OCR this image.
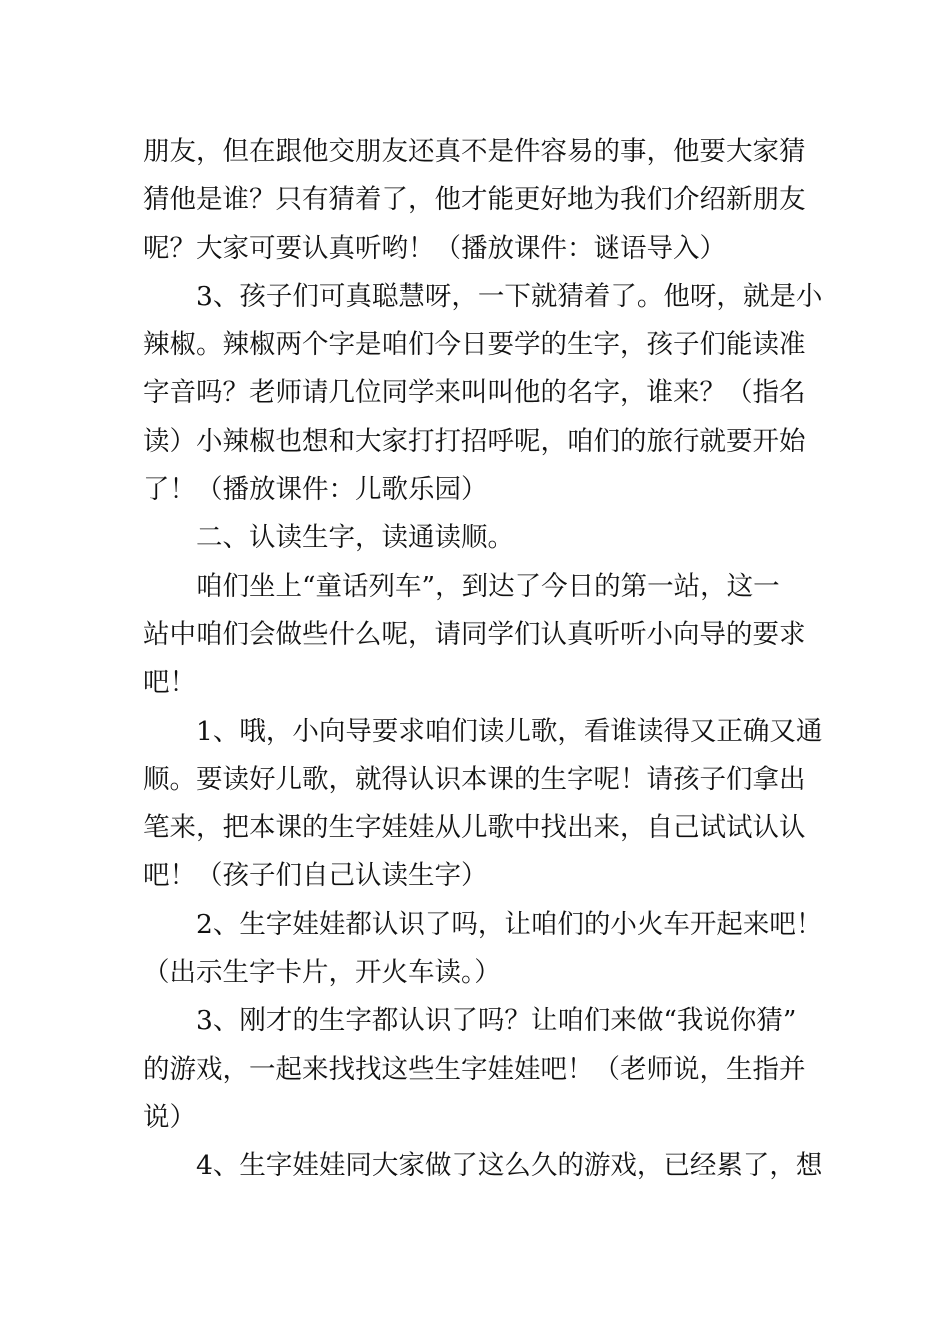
朋友，但在跟他交朋友还真不是件容易的事，他要大家猜
猜他是谁？只有猜着了，他才能更好地为我们介绍新朋友
呢？大家可要认真听哟！（播放课件：谜语导入）
3、孩子们可真聪慧呀，一下就猜着了。他呀，就是小
辣椒。辣椒两个字是咱们今日要学的生字，孩子们能读准
字音吗？老师请几位同学来叫叫他的名字，谁来？（指名
读）小辣椒也想和大家打打招呼呢，咱们的旅行就要开始
了！（播放课件：儿歌乐园）
二、认读生字，读通读顺。
咱们坐上“童话列车”，到达了今日的第一站，这一
站中咱们会做些什么呢，请同学们认真听听小向导的要求
吧！
1、哦，小向导要求咱们读儿歌，看谁读得又正确又通
顺。要读好儿歌，就得认识本课的生字呢！请孩子们拿出
笔来，把本课的生字娃娃从儿歌中找出来，自己试试认认
吧！（孩子们自己认读生字）
2、生字娃娃都认识了吗，让咱们的小火车开起来吧！
（出示生字卡片，开火车读。）
3、刚才的生字都认识了吗？让咱们来做“我说你猜”
的游戏，一起来找找这些生字娃娃吧！（老师说，生指并
说）
4、生字娃娃同大家做了这么久的游戏，已经累了，想
